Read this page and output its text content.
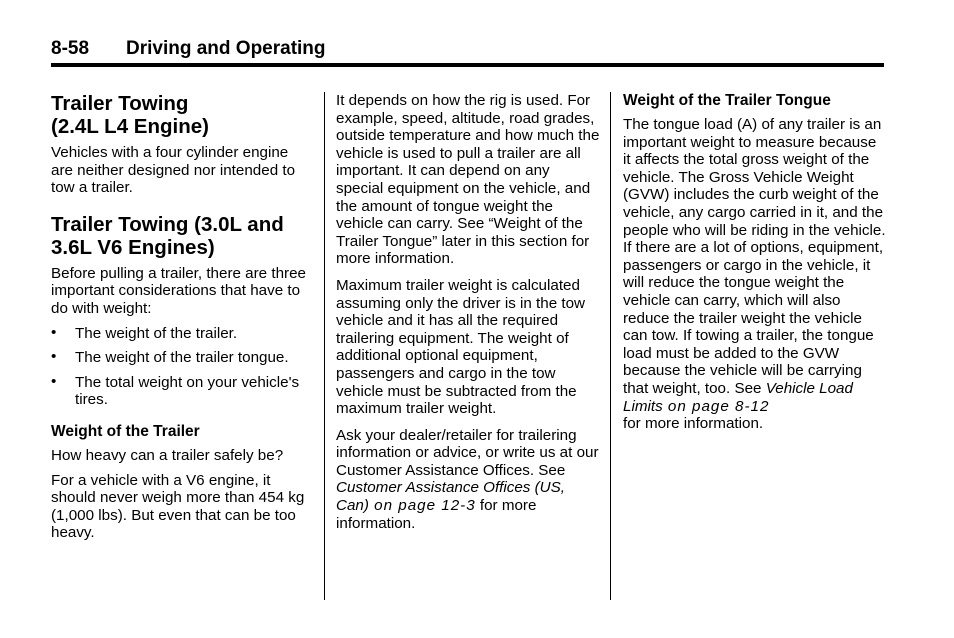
8-58 Driving and Operating
Trailer Towing
(2.4L L4 Engine)

Vehicles with a four cylinder engine are neither designed nor intended to tow a trailer.

Trailer Towing (3.0L and
3.6L V6 Engines)

Before pulling a trailer, there are three important considerations that have to do with weight:

• The weight of the trailer.
• The weight of the trailer tongue.
• The total weight on your vehicle's tires.
Weight of the Trailer

How heavy can a trailer safely be?

For a vehicle with a V6 engine, it should never weigh more than 454 kg (1,000 lbs). But even that can be too heavy.

It depends on how the rig is used. For example, speed, altitude, road grades, outside temperature and how much the vehicle is used to pull a trailer are all important. It can depend on any special equipment on the vehicle, and the amount of tongue weight the vehicle can carry. See “Weight of the Trailer Tongue” later in this section for more information.

Maximum trailer weight is calculated assuming only the driver is in the tow vehicle and it has all the required trailering equipment. The weight of additional optional equipment, passengers and cargo in the tow vehicle must be subtracted from the maximum trailer weight.

Ask your dealer/retailer for trailering information or advice, or write us at our Customer Assistance Offices. See Customer Assistance Offices (US, Can) on page 12-3 for more information.

Weight of the Trailer Tongue

The tongue load (A) of any trailer is an important weight to measure because it affects the total gross weight of the vehicle. The Gross Vehicle Weight (GVW) includes the curb weight of the vehicle, any cargo carried in it, and the people who will be riding in the vehicle.

If there are a lot of options, equipment, passengers or cargo in the vehicle, it will reduce the tongue weight the vehicle can carry, which will also reduce the trailer weight the vehicle can tow. If towing a trailer, the tongue load must be added to the GVW because the vehicle will be carrying that weight, too. See Vehicle Load Limits on page 8-12
for more information.
